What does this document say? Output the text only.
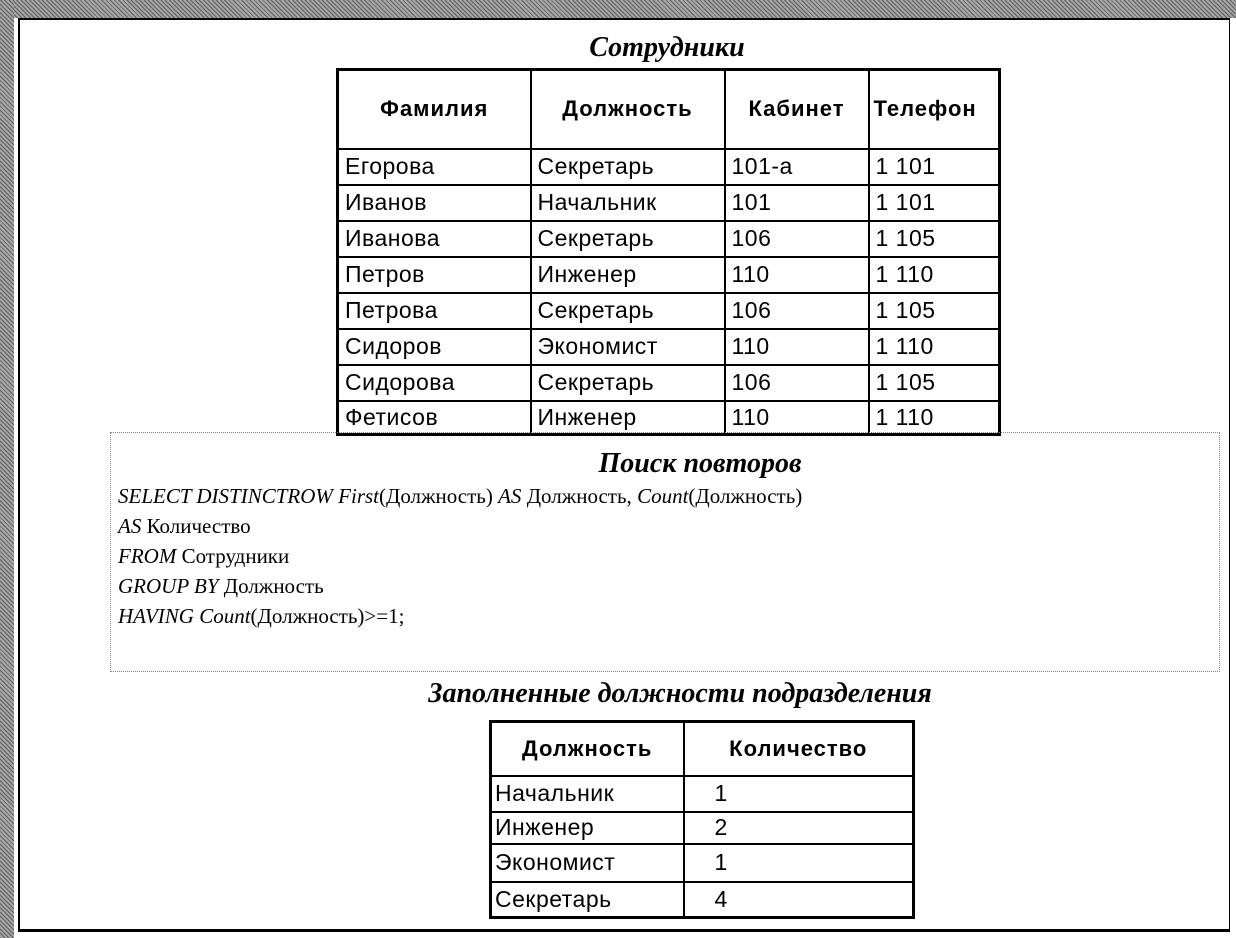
Сотрудники
Фамилия	Должность	Кабинет	Телефон
Егорова	Секретарь	101-а	1 101
Иванов	Начальник	101	1 101
Иванова	Секретарь	106	1 105
Петров	Инженер	110	1 110
Петрова	Секретарь	106	1 105
Сидоров	Экономист	110	1 110
Сидорова	Секретарь	106	1 105
Фетисов	Инженер	110	1 110
Поиск повторов
SELECT DISTINCTROW First(Должность) AS Должность, Count(Должность)
AS Количество
FROM Сотрудники
GROUP BY Должность
HAVING Count(Должность)>=1;
Заполненные должности подразделения
Должность	Количество
Начальник	1
Инженер	2
Экономист	1
Секретарь	4
